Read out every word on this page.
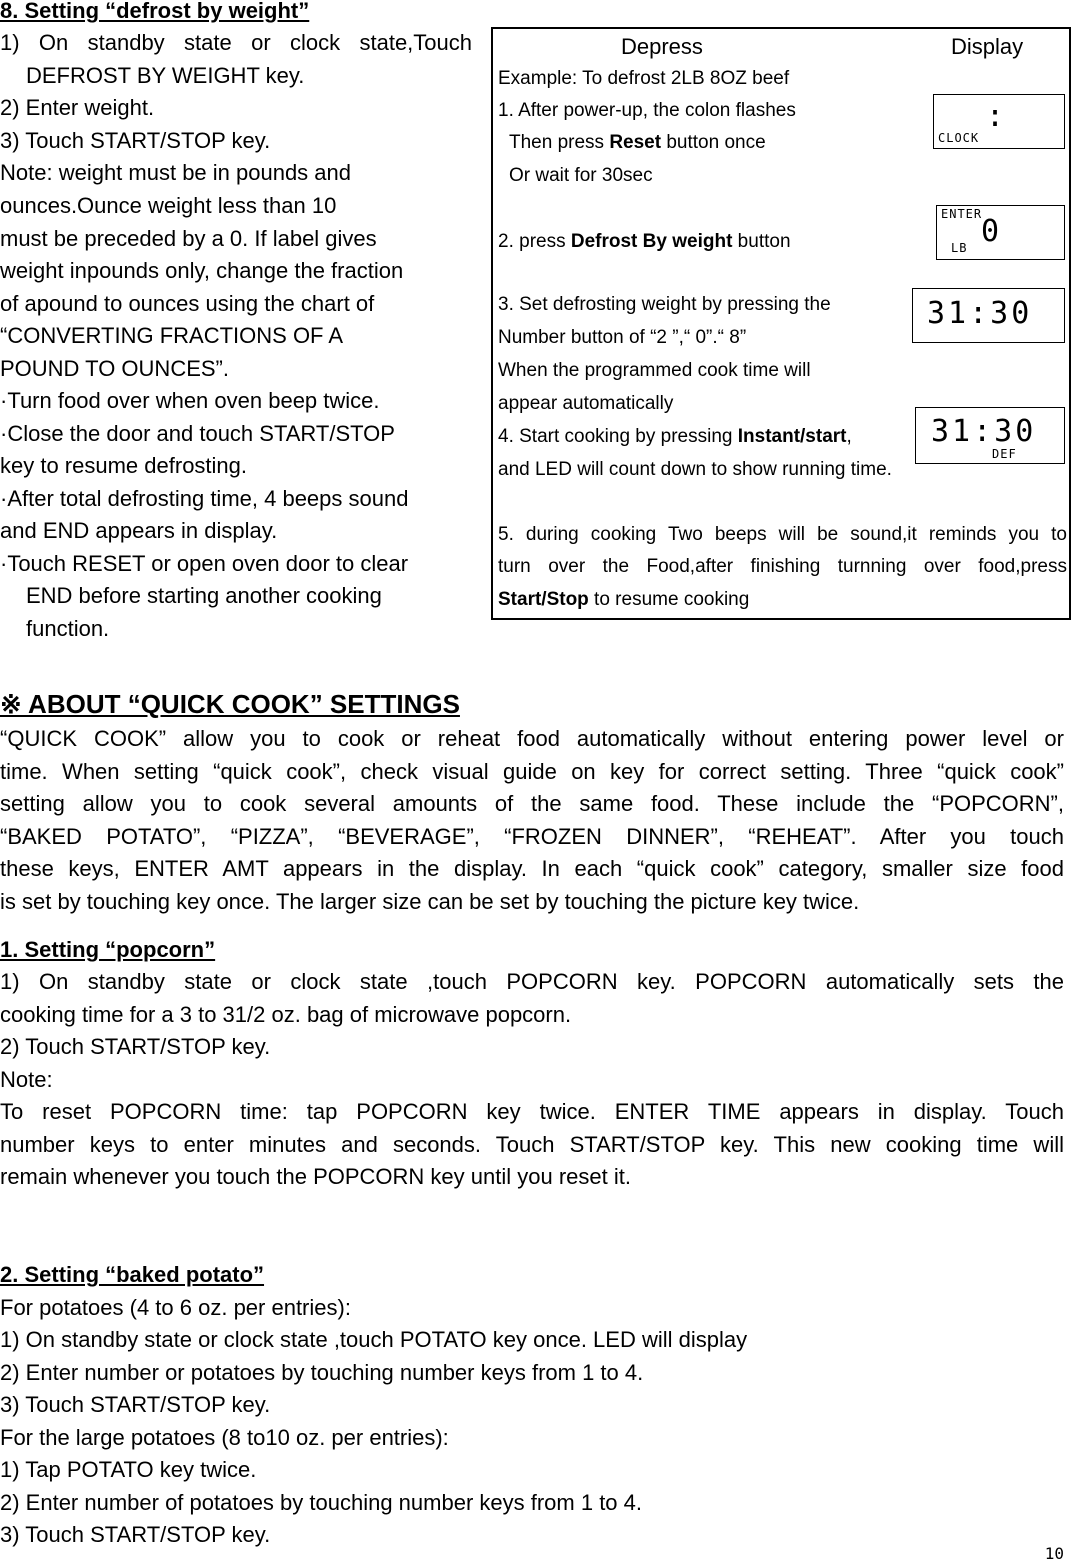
8. Setting “defrost by weight”
1) On standby state or clock state,Touch
DEFROST BY WEIGHT key.
2) Enter weight.
3) Touch START/STOP key.
Note: weight must be in pounds and
ounces.Ounce weight less than 10
must be preceded by a 0. If label gives
weight inpounds only, change the fraction
of apound to ounces using the chart of
“CONVERTING FRACTIONS OF A
POUND TO OUNCES”.
·Turn food over when oven beep twice.
·Close the door and touch START/STOP
key to resume defrosting.
·After total defrosting time, 4 beeps sound
and END appears in display.
·Touch RESET or open oven door to clear
END before starting another cooking
function.
Depress	Display
Example: To defrost 2LB 8OZ beef
1. After power-up, the colon flashes
Then press Reset button once
Or wait for 30sec
2. press Defrost By weight button
3. Set defrosting weight by pressing the
Number button of “2 ”,“ 0”.“ 8”
When the programmed cook time will
appear automatically
4. Start cooking by pressing Instant/start,
and LED will count down to show running time.
5. during cooking Two beeps will be sound,it reminds you to
turn over the Food,after finishing turnning over food,press
Start/Stop to resume cooking
:
CLOCK
ENTER
0
LB
31:30
31:30
DEF
※ ABOUT “QUICK COOK” SETTINGS
“QUICK COOK” allow you to cook or reheat food automatically without entering power level or
time. When setting “quick cook”, check visual guide on key for correct setting. Three “quick cook”
setting allow you to cook several amounts of the same food. These include the “POPCORN”,
“BAKED POTATO”, “PIZZA”, “BEVERAGE”, “FROZEN DINNER”, “REHEAT”. After you touch
these keys, ENTER AMT appears in the display. In each “quick cook” category, smaller size food
is set by touching key once. The larger size can be set by touching the picture key twice.
1. Setting “popcorn”
1) On standby state or clock state ,touch POPCORN key. POPCORN automatically sets the
cooking time for a 3 to 31/2 oz. bag of microwave popcorn.
2) Touch START/STOP key.
Note:
To reset POPCORN time: tap POPCORN key twice. ENTER TIME appears in display. Touch
number keys to enter minutes and seconds. Touch START/STOP key. This new cooking time will
remain whenever you touch the POPCORN key until you reset it.
2. Setting “baked potato”
For potatoes (4 to 6 oz. per entries):
1) On standby state or clock state ,touch POTATO key once. LED will display
2) Enter number or potatoes by touching number keys from 1 to 4.
3) Touch START/STOP key.
For the large potatoes (8 to10 oz. per entries):
1) Tap POTATO key twice.
2) Enter number of potatoes by touching number keys from 1 to 4.
3) Touch START/STOP key.
10
